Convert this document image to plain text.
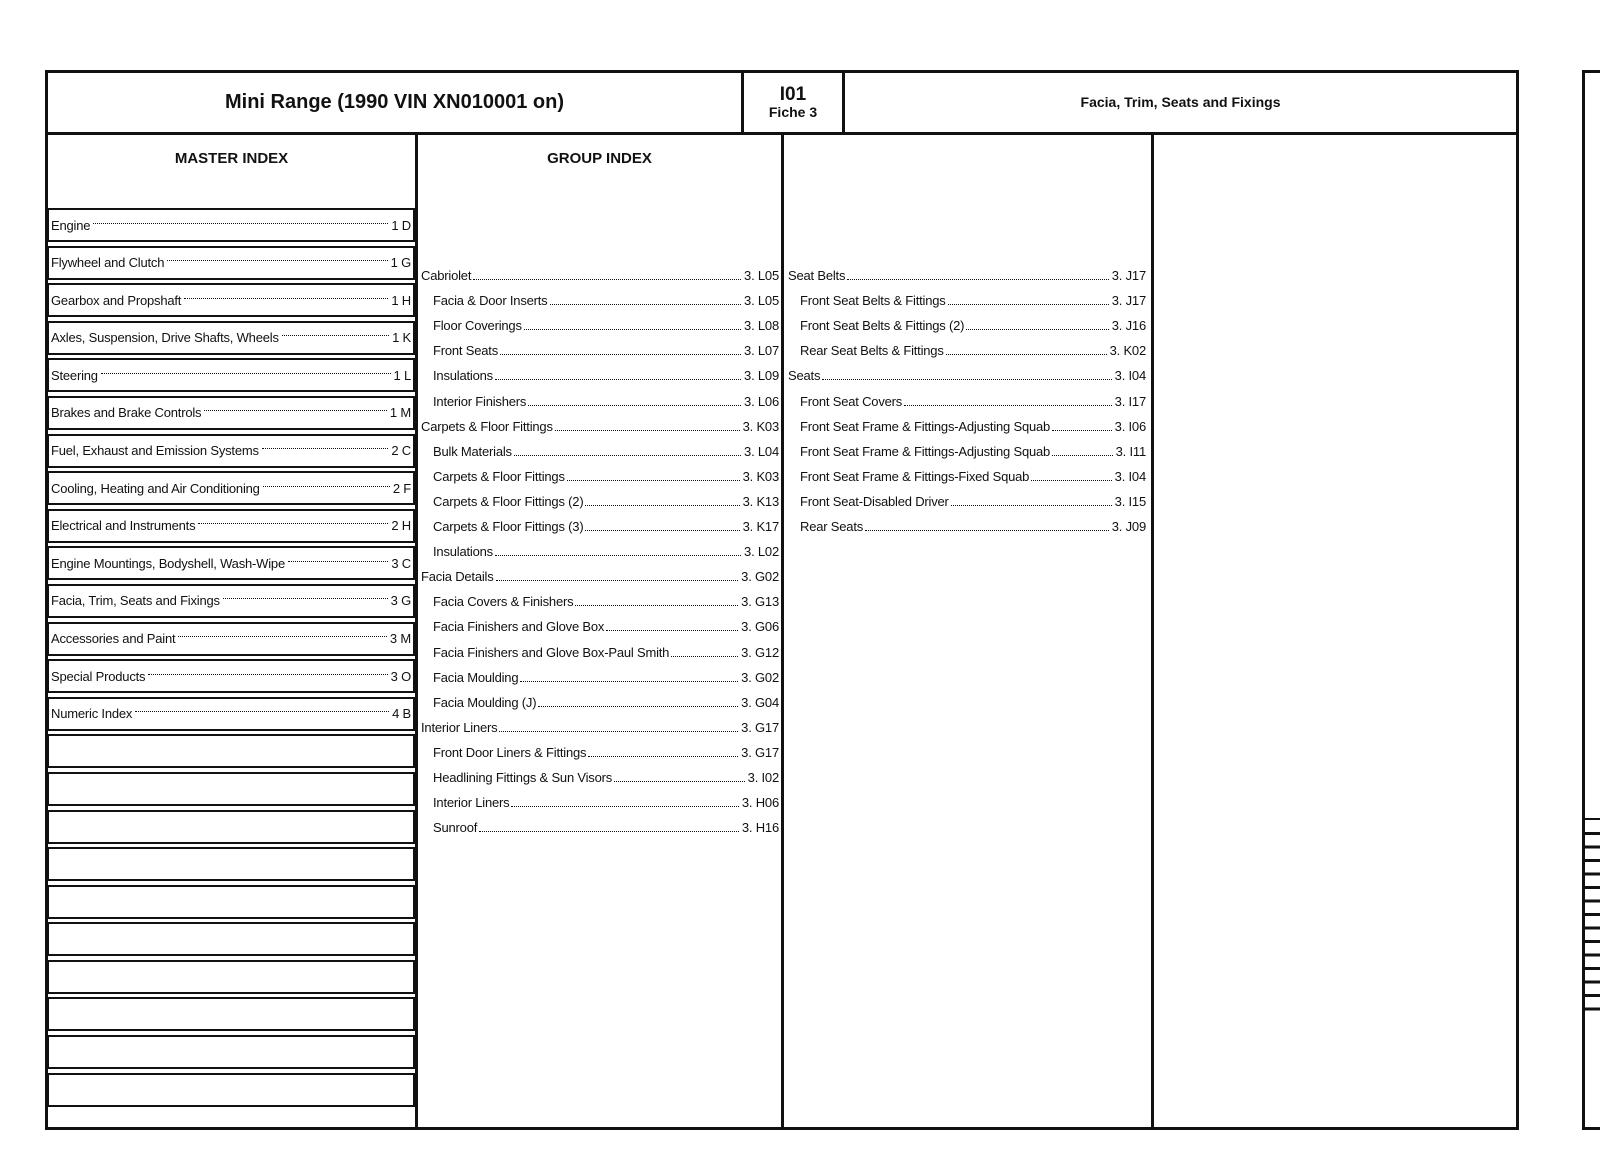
Mini Range (1990 VIN XN010001 on)	I01
Fiche 3
Facia, Trim, Seats and Fixings
MASTER INDEX	GROUP INDEX
Engine	1 D
Flywheel and Clutch	1 G
Gearbox and Propshaft	1 H
Axles, Suspension, Drive Shafts, Wheels	1 K
Steering	1 L
Brakes and Brake Controls	1 M
Fuel, Exhaust and Emission Systems	2 C
Cooling, Heating and Air Conditioning	2 F
Electrical and Instruments	2 H
Engine Mountings, Bodyshell, Wash-Wipe	3 C
Facia, Trim, Seats and Fixings	3 G
Accessories and Paint	3 M
Special Products	3 O
Numeric Index	4 B
Cabriolet	3. L05
Facia & Door Inserts	3. L05
Floor Coverings	3. L08
Front Seats	3. L07
Insulations	3. L09
Interior Finishers	3. L06
Carpets & Floor Fittings	3. K03
Bulk Materials	3. L04
Carpets & Floor Fittings	3. K03
Carpets & Floor Fittings (2)	3. K13
Carpets & Floor Fittings (3)	3. K17
Insulations	3. L02
Facia Details	3. G02
Facia Covers & Finishers	3. G13
Facia Finishers and Glove Box	3. G06
Facia Finishers and Glove Box-Paul Smith	3. G12
Facia Moulding	3. G02
Facia Moulding (J)	3. G04
Interior Liners	3. G17
Front Door Liners & Fittings	3. G17
Headlining Fittings & Sun Visors	3. I02
Interior Liners	3. H06
Sunroof	3. H16
Seat Belts	3. J17
Front Seat Belts & Fittings	3. J17
Front Seat Belts & Fittings (2)	3. J16
Rear Seat Belts & Fittings	3. K02
Seats	3. I04
Front Seat Covers	3. I17
Front Seat Frame & Fittings-Adjusting Squab	3. I06
Front Seat Frame & Fittings-Adjusting Squab	3. I11
Front Seat Frame & Fittings-Fixed Squab	3. I04
Front Seat-Disabled Driver	3. I15
Rear Seats	3. J09
